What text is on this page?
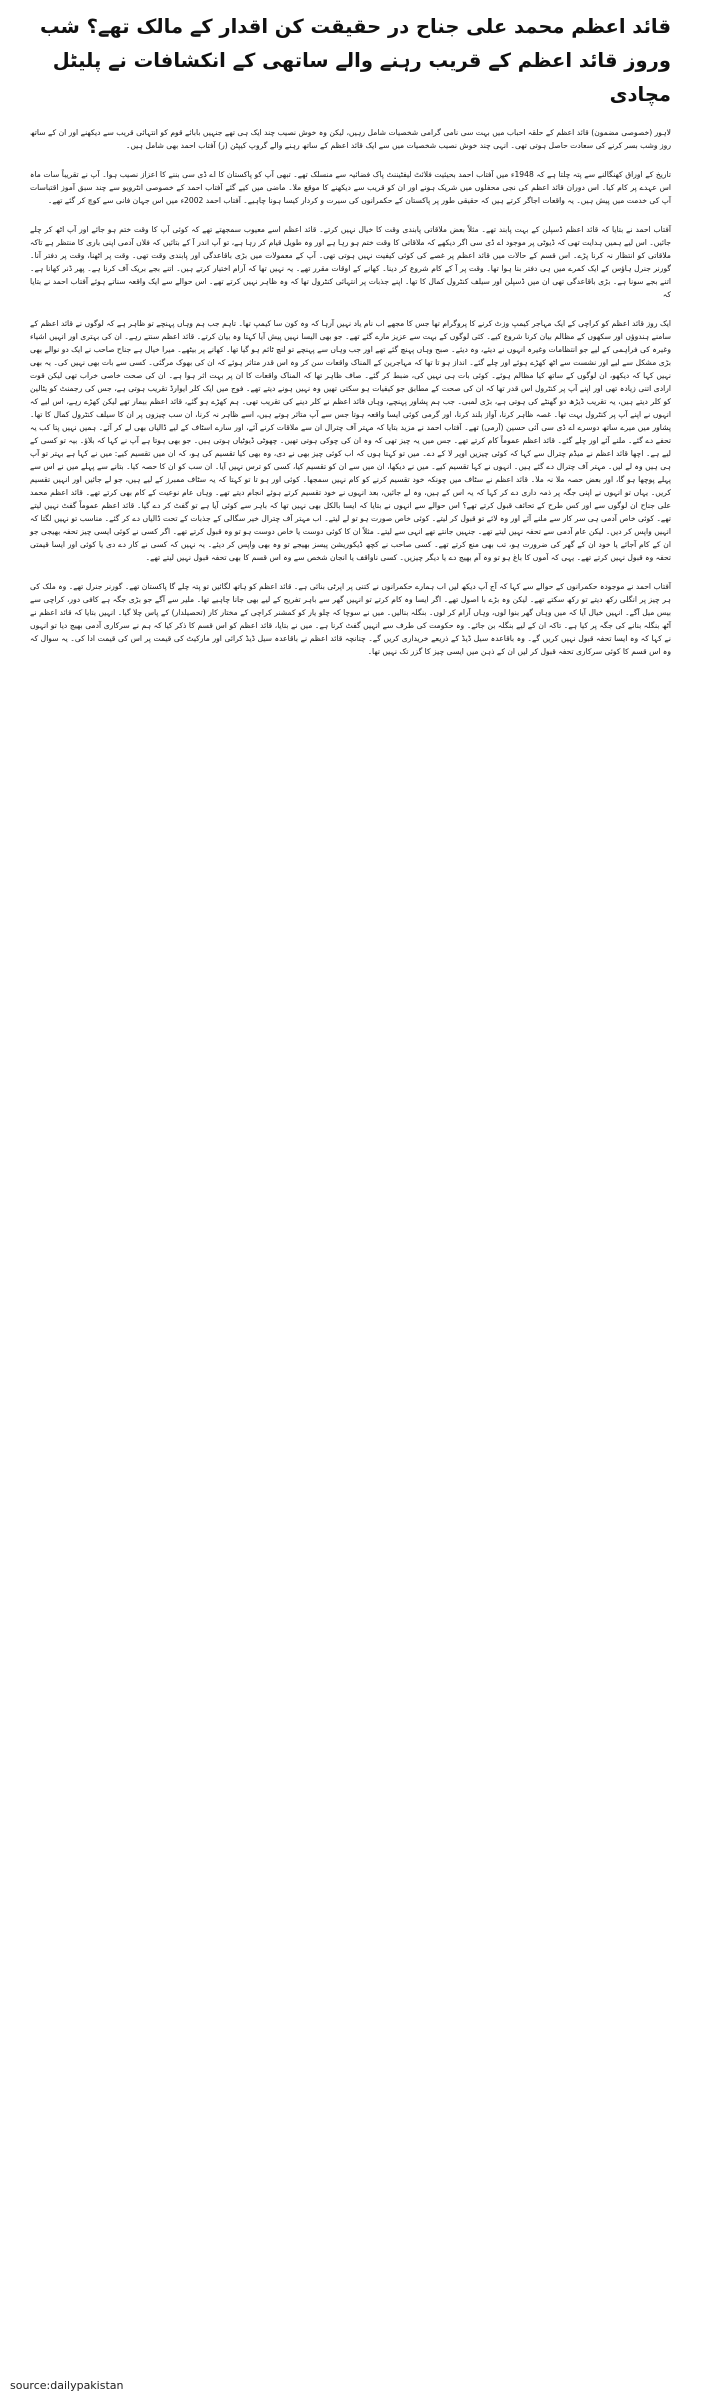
قائد اعظم محمد علی جناح در حقیقت کن اقدار کے مالک تھے؟ شب وروز قائد اعظم کے قریب رہنے والے ساتھی کے انکشافات نے پلیٹل مچادی

لاہور (خصوصی مضمون) قائد اعظم کے حلقہ احباب میں بہت سی نامی گرامی شخصیات شامل رہیں، لیکن وہ خوش نصیب چند ایک ہی تھے جنہیں بابائے قوم کو انتہائی قریب سے دیکھنے اور ان کے ساتھ روز وشب بسر کرنے کی سعادت حاصل ہوتی تھی۔ انہی چند خوش نصیب شخصیات میں سے ایک قائد اعظم کے ساتھ رہنے والے گروپ کیپٹن (ر) آفتاب احمد بھی شامل ہیں۔

تاریخ کے اوراق کھنگالنے سے پتہ چلتا ہے کہ 1948ء میں آفتاب احمد بحیثیت فلائٹ لیفٹیننٹ پاک فضائیہ سے منسلک تھے۔ تبھی آپ کو پاکستان کا اے ڈی سی بننے کا اعزاز نصیب ہوا۔ آپ نے تقریباً سات ماہ اس عہدے پر کام کیا۔ اس دوران قائد اعظم کی نجی محفلوں میں شریک ہونے اور ان کو قریب سے دیکھنے کا موقع ملا۔ ماضی میں کیے گئے آفتاب احمد کے خصوصی انٹرویو سے چند سبق آموز اقتباسات آپ کی خدمت میں پیش ہیں۔ یہ واقعات اجاگر کرتے ہیں کہ حقیقی طور پر پاکستان کے حکمرانوں کی سیرت و کردار کیسا ہونا چاہیے۔ آفتاب احمد 2002ء میں اس جہان فانی سے کوچ کر گئے تھے۔

آفتاب احمد نے بتایا کہ قائد اعظم ڈسپلن کے بہت پابند تھے۔ مثلاً بعض ملاقاتی پابندی وقت کا خیال نہیں کرتے۔ قائد اعظم اسے معیوب سمجھتے تھے کہ کوئی آپ کا وقت ختم ہو جائے اور آپ اٹھ کر چلے جائیں۔ اس لیے ہمیں ہدایت تھی کہ ڈیوٹی پر موجود اے ڈی سی اگر دیکھے کہ ملاقاتی کا وقت ختم ہو رہا ہے اور وہ طویل قیام کر رہا ہے، تو آپ اندر آ کے بتائیں کہ فلاں آدمی اپنی باری کا منتظر ہے تاکہ ملاقاتی کو انتظار نہ کرنا پڑے۔ اس قسم کے حالات میں قائد اعظم پر غصے کی کوئی کیفیت نہیں ہوتی تھی۔ آپ کے معمولات میں بڑی باقاعدگی اور پابندی وقت تھی۔ وقت پر اٹھنا، وقت پر دفتر آنا۔ گورنر جنرل ہاؤس کے ایک کمرے میں ہی دفتر بنا ہوا تھا۔ وقت پر آ کے کام شروع کر دینا۔ کھانے کے اوقات مقرر تھے۔ یہ نہیں تھا کہ آرام اختیار کرتے ہیں۔ اتنے بجے بریک آف کرنا ہے۔ پھر ڈنر کھانا ہے۔ اتنے بجے سونا ہے۔ بڑی باقاعدگی تھی ان میں ڈسپلن اور سیلف کنٹرول کمال کا تھا۔ اپنے جذبات پر انتہائی کنٹرول تھا کہ وہ ظاہر نہیں کرتے تھے۔ اس حوالے سے ایک واقعہ سناتے ہوئے آفتاب احمد نے بتایا کہ

ایک روز قائد اعظم کو کراچی کے ایک مہاجر کیمپ وزٹ کرنے کا پروگرام تھا جس کا مجھے اب نام یاد نہیں آرہا کہ وہ کون سا کیمپ تھا۔ تاہم جب ہم وہاں پہنچے تو ظاہر ہے کہ لوگوں نے قائد اعظم کے سامنے ہندوؤں اور سکھوں کے مظالم بیان کرنا شروع کیے۔ کئی لوگوں کے بہت سے عزیز مارے گئے تھے۔ جو بھی الیسا نہیں پیش آیا کہتا وہ بیان کرتے۔ قائد اعظم سنتے رہے۔ ان کی بہتری اور انہیں اشیاء وغیرہ کی فراہمی کے لیے جو انتظامات وغیرہ انہوں نے دیئے، وہ دیئے۔ صبح وہاں پہنچ گئے تھے اور جب وہاں سے پہنچے تو لنچ ٹائم ہو گیا تھا۔ کھانے پر بیٹھے۔ میرا خیال ہے جناح صاحب نے ایک دو نوالے بھی بڑی مشکل سے لیے اور نشست سے اٹھ کھڑے ہوئے اور چلے گئے۔ انداز ہو تا تھا کہ مہاجرین کے المناک واقعات سن کر وہ اس قدر متاثر ہوئے کہ ان کی بھوک مرگئی۔ کسی سے بات بھی نہیں کی۔ یہ بھی نہیں کہا کہ دیکھو، ان لوگوں کے ساتھ کیا مظالم ہوئے۔ کوئی بات ہی نہیں کی، ضبط کر گئے۔ صاف ظاہر تھا کہ المناک واقعات کا ان پر بہت اثر ہوا ہے۔ ان کی صحت خاصی خراب تھی لیکن قوت ارادی اتنی زیادہ تھی اور اپنے آپ پر کنٹرول اس قدر تھا کہ ان کی صحت کے مطابق جو کیفیات ہو سکتی تھیں وہ نہیں ہونے دیتے تھے۔ فوج میں ایک کلر ایوارڈ تقریب ہوتی ہے، جس کی رجمنٹ کو بٹالین کو کلر دیتے ہیں، یہ تقریب ڈیڑھ دو گھنٹے کی ہوتی ہے، بڑی لمبی۔ جب ہم پشاور پہنچے، وہاں قائد اعظم نے کلر دینے کی تقریب تھی۔ ہم کھڑے ہو گئے، قائد اعظم بیمار تھے لیکن کھڑے رہے، اس لیے کہ انہوں نے اپنے آپ پر کنٹرول بہت تھا۔ غصہ ظاہر کرنا، آواز بلند کرنا، اور گرمی کوئی ایسا واقعہ ہوتا جس سے آپ متاثر ہوتے ہیں، اسے ظاہر نہ کرنا، ان سب چیزوں پر ان کا سیلف کنٹرول کمال کا تھا۔ پشاور میں میرے ساتھ دوسرے اے ڈی سی آئی حسین (آرمی) تھے۔ آفتاب احمد نے مزید بتایا کہ مہتر آف چترال ان سے ملاقات کرنے آئے، اور سارے اسٹاف کے لیے ڈالیاں بھی لے کر آئے۔ ہمیں نہیں پتا کب یہ تحفے دے گئے۔ ملنے آئے اور چلے گئے۔ قائد اعظم عموماً کام کرتے تھے۔ جس میں یہ چیز تھی کہ وہ ان کی چوکی ہوتی تھیں۔ چھوٹی ڈیوٹیاں ہوتی ہیں۔ جو بھی ہوتا ہے آپ نے کہا کہ بلاؤ۔ بیہ تو کسی کے لیے ہے۔ اچھا قائد اعظم نے میڈم چترال سے کہا کہ کوئی چیزیں اوپر لا کے دے۔ میں تو کہتا ہوں کہ اب کوئی چیز بھی نے دی، وہ بھی کیا تقسیم کی ہو، کہ ان میں تقسیم کیے: میں نے کہا ہے بہتر تو آپ ہی ہیں وہ لے لیں۔ مہتر آف چترال دے گئے ہیں۔ انہوں نے کہا تقسیم کیے۔ میں نے دیکھا، ان میں سے ان کو تقسیم کیا، کسی کو ترس نہیں آیا۔ ان سب کو ان کا حصہ کیا۔ بتانے سے پہلے میں نے اس سے پہلے پوچھا ہو گا، اور بعض حصہ ملا نہ ملا۔ قائد اعظم نے سٹاف میں چونکہ خود تقسیم کرنے کو کام نہیں سمجھا۔ کوئی اور ہو تا تو کہتا کہ یہ سٹاف ممبرز کے لیے ہیں، جو لے جائیں اور انہیں تقسیم کریں۔ یہاں تو انہوں نے اپنی جگہ پر ذمہ داری دے کر کہا کہ یہ اس کے ہیں، وہ لے جائیں، بعد انہوں نے خود تقسیم کرتے ہوئے انجام دیتے تھے۔ وہاں عام نوعیت کے کام بھی کرتے تھے۔ قائد اعظم محمد علی جناح ان لوگوں سے اور کس طرح کے تحائف قبول کرتے تھے؟ اس حوالے سے انہوں نے بتایا کہ ایسا بالکل بھی نہیں تھا کہ باہر سے کوئی آیا ہے تو گفٹ کر دے گیا۔ قائد اعظم عموماً گفٹ نہیں لیتے تھے۔ کوئی خاص آدمی ہی سر کار سے ملنے آئے اور وہ لائے تو قبول کر لیتے۔ کوئی خاص صورت ہو تو لے لیتے۔ اب مہتر آف چترال خیر سگالی کے جذبات کے تحت ڈالیاں دے کر گئے۔ مناسب تو نہیں لگتا کہ انہیں واپس کر دیں۔ لیکن عام آدمی سے تحفہ نہیں لیتے تھے۔ جنہیں جانتے تھے انہی سے لیتے۔ مثلاً ان کا کوئی دوست یا خاص دوست ہو تو وہ قبول کرتے تھے۔ اگر کسی نے کوئی ایسی چیز تحفہ بھیجی جو ان کے کام آجائے یا خود ان کے گھر کی ضرورت ہو، تب بھی منع کرتے تھے۔ کسی صاحب نے کچھ ڈیکوریشن پیسز بھیجے تو وہ بھی واپس کر دیئے۔ یہ نہیں کہ کسی نے کار دے دی یا کوئی اور ایسا قیمتی تحفہ وہ قبول نہیں کرتے تھے۔ یہی کہ آموں کا باغ ہو تو وہ آم بھیج دے یا دیگر چیزیں۔ کسی ناواقف یا انجان شخص سے وہ اس قسم کا بھی تحفہ قبول نہیں لیتے تھے۔

آفتاب احمد نے موجودہ حکمرانوں کے حوالے سے کہا کہ آج آپ دیکھ لیں اب ہمارے حکمرانوں نے کتنی پر اپرٹی بنائی ہے۔ قائد اعظم کو ہاتھ لگائیں تو پتہ چلے گا پاکستان تھے۔ گورنر جنرل تھے۔ وہ ملک کی ہر چیز پر انگلی رکھ دیتے تو رکھ سکتے تھے۔ لیکن وہ بڑے با اصول تھے۔ اگر ایسا وہ کام کرتے تو انہیں گھر سے باہر تفریح کے لیے بھی جانا چاہیے تھا۔ ملیر سے آگے جو بڑی جگہ ہے کافی دور، کراچی سے بیس میل آگے۔ انہیں خیال آیا کہ میں وہاں گھر بنوا لوں، وہاں آرام کر لوں۔ بنگلہ بنالیں۔ میں نے سوچا کہ چلو یار کو کمشنر کراچی کے مختار کار (تحصیلدار) کے پاس چلا گیا۔ انہیں بتایا کہ قائد اعظم نے آٹھ بنگلہ بنانے کی جگہ پر کیا ہے۔ تاکہ ان کے لیے بنگلہ بن جائے۔ وہ حکومت کی طرف سے انہیں گفٹ کرنا ہے۔ میں نے بتایا، قائد اعظم کو اس قسم کا ذکر کیا کہ ہم نے سرکاری آدمی بھیج دیا تو انہوں نے کہا کہ وہ ایسا تحفہ قبول نہیں کریں گے۔ وہ باقاعدہ سیل ڈیڈ کے ذریعے خریداری کریں گے۔ چنانچہ قائد اعظم نے باقاعدہ سیل ڈیڈ کرائی اور مارکیٹ کی قیمت پر اس کی قیمت ادا کی۔ یہ سوال کہ وہ اس قسم کا کوئی سرکاری تحفہ قبول کر لیں ان کے ذہن میں ایسی چیز کا گزر تک نہیں تھا۔

source:dailypakistan
